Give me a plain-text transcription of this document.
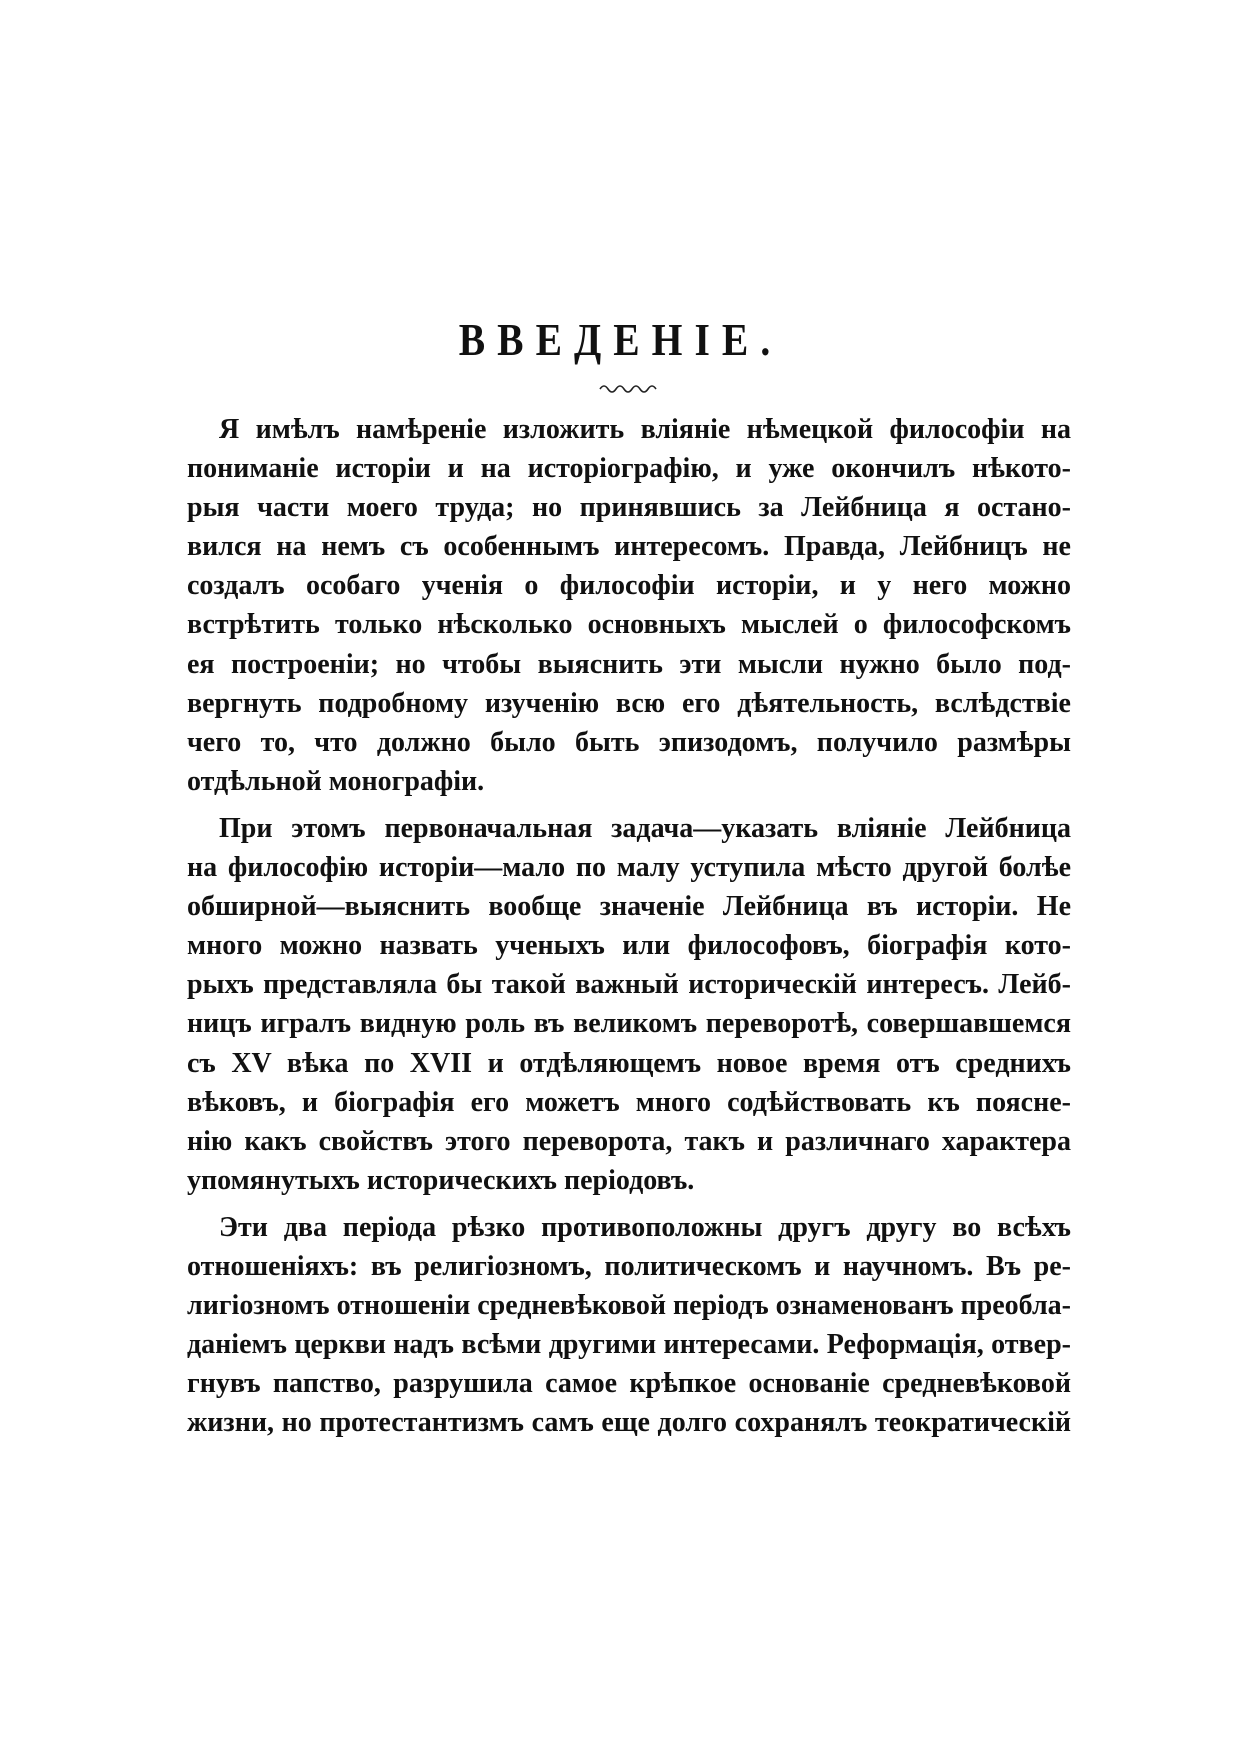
ВВЕДЕНІЕ.
Я имѣлъ намѣреніе изложить вліяніе нѣмецкой философіи на
пониманіе исторіи и на исторіографію, и уже окончилъ нѣкото-
рыя части моего труда; но принявшись за Лейбница я останo-
вился на немъ съ особеннымъ интересомъ. Правда, Лейбницъ не
создалъ особаго ученія о философіи исторіи, и у него можно
встрѣтить только нѣсколько основныхъ мыслей о философскомъ
ея построеніи; но чтобы выяснить эти мысли нужно было под-
вергнуть подробному изученію всю его дѣятельность, вслѣдствіе
чего то, что должно было быть эпизодомъ, получило размѣры
отдѣльной монографіи.
При этомъ первоначальная задача—указать вліяніе Лейбница
на философію исторіи—мало по малу уступила мѣсто другой болѣе
обширной—выяснить вообще значеніе Лейбница въ исторіи. Не
много можно назвать ученыхъ или философовъ, біографія кото-
рыхъ представляла бы такой важный историческій интересъ. Лейб-
ницъ игралъ видную роль въ великомъ переворотѣ, совершавшемся
съ XV вѣка по XVII и отдѣляющемъ новое время отъ среднихъ
вѣковъ, и біографія его можетъ много содѣйствовать къ поясне-
нію какъ свойствъ этого переворота, такъ и различнаго характера
упомянутыхъ историческихъ періодовъ.
Эти два періода рѣзко противоположны другъ другу во всѣхъ
отношеніяхъ: въ религіозномъ, политическомъ и научномъ. Въ ре-
лигіозномъ отношеніи средневѣковой періодъ ознаменованъ преобла-
даніемъ церкви надъ всѣми другими интересами. Реформація, отвер-
гнувъ папство, разрушила самое крѣпкое основаніе средневѣковой
жизни, но протестантизмъ самъ еще долго сохранялъ теократическій
